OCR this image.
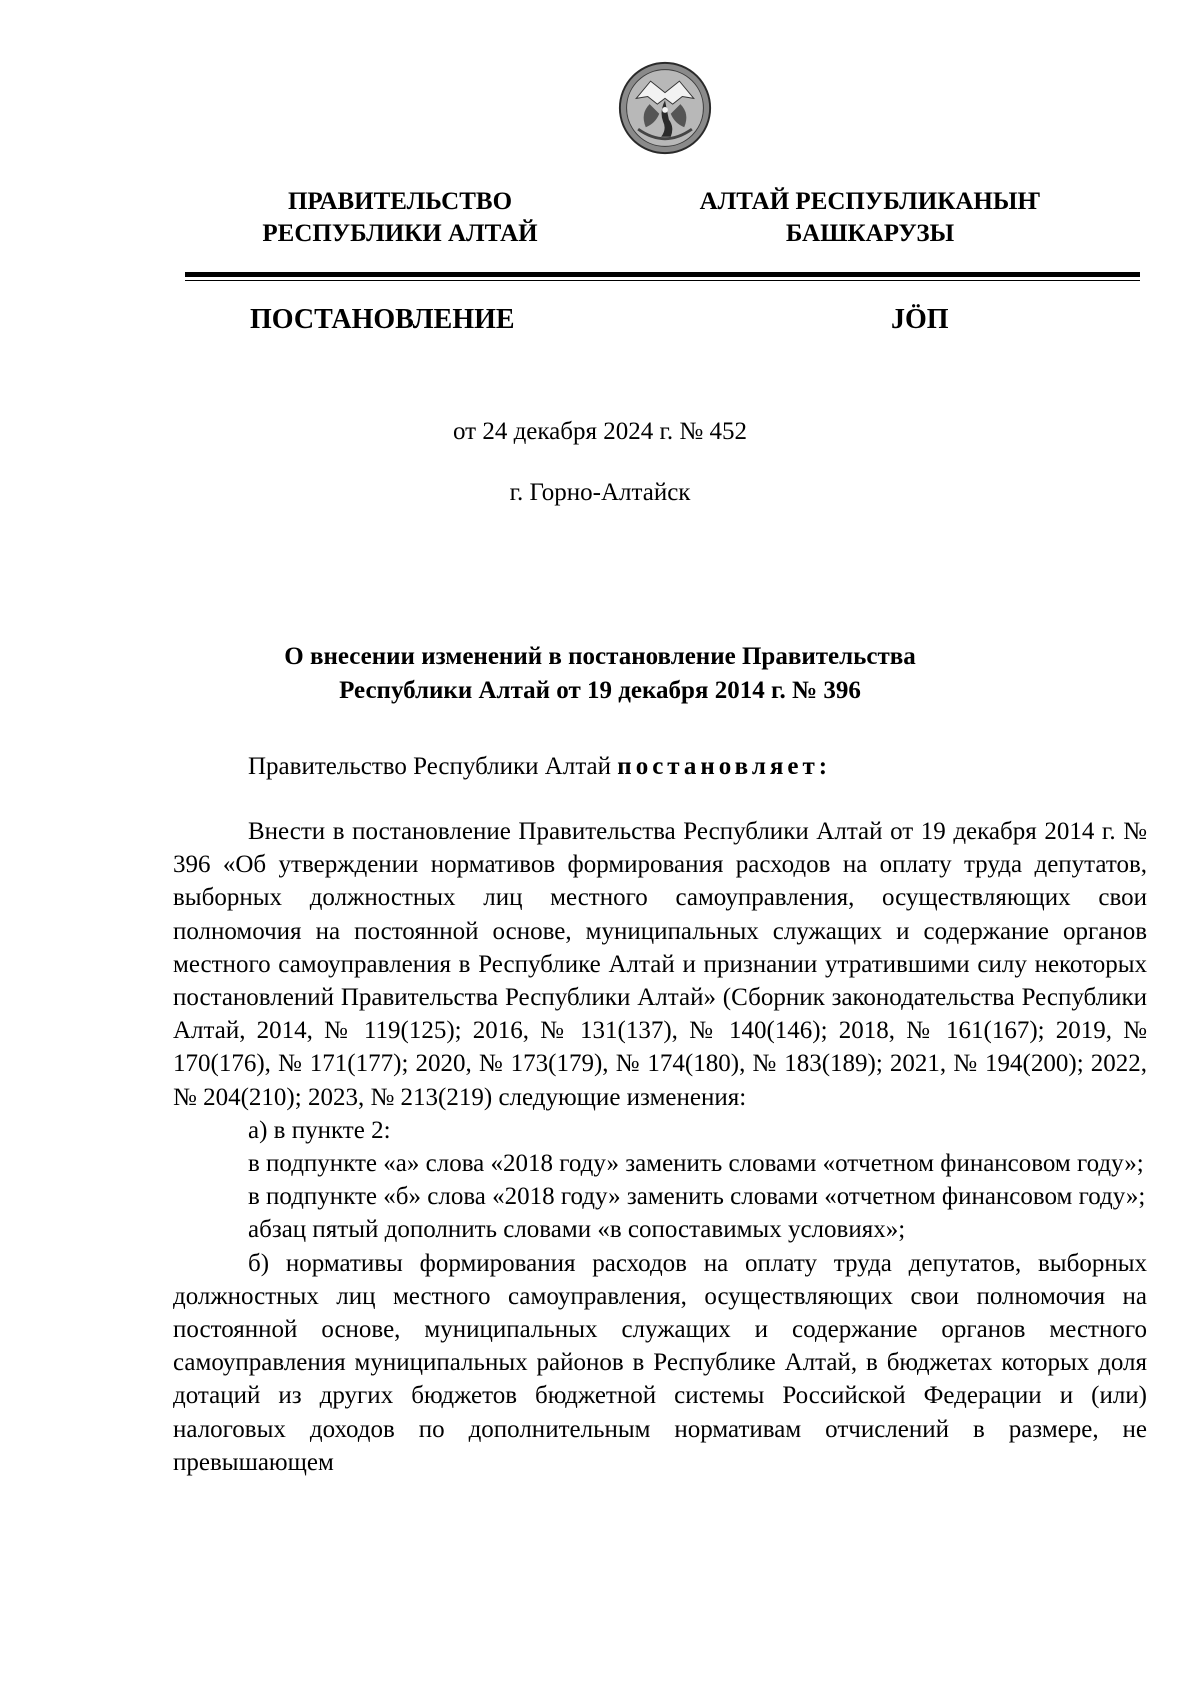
ПРАВИТЕЛЬСТВО
РЕСПУБЛИКИ АЛТАЙ
АЛТАЙ РЕСПУБЛИКАНЫҤ
БАШКАРУЗЫ
ПОСТАНОВЛЕНИЕ	JӦП
от 24 декабря 2024 г. № 452
г. Горно-Алтайск
О внесении изменений в постановление Правительства
Республики Алтай от 19 декабря 2014 г. № 396
Правительство Республики Алтай постановляет:

Внести в постановление Правительства Республики Алтай от 19 декабря 2014 г. № 396 «Об утверждении нормативов формирования расходов на оплату труда депутатов, выборных должностных лиц местного самоуправления, осуществляющих свои полномочия на постоянной основе, муниципальных служащих и содержание органов местного самоуправления в Республике Алтай и признании утратившими силу некоторых постановлений Правительства Республики Алтай» (Сборник законодательства Республики Алтай, 2014, № 119(125); 2016, № 131(137), № 140(146); 2018, № 161(167); 2019, № 170(176), № 171(177); 2020, № 173(179), № 174(180), № 183(189); 2021, № 194(200); 2022, № 204(210); 2023, № 213(219) следующие изменения:

а) в пункте 2:

в подпункте «а» слова «2018 году» заменить словами «отчетном финансовом году»;

в подпункте «б» слова «2018 году» заменить словами «отчетном финансовом году»;

абзац пятый дополнить словами «в сопоставимых условиях»;

б) нормативы формирования расходов на оплату труда депутатов, выборных должностных лиц местного самоуправления, осуществляющих свои полномочия на постоянной основе, муниципальных служащих и содержание органов местного самоуправления муниципальных районов в Республике Алтай, в бюджетах которых доля дотаций из других бюджетов бюджетной системы Российской Федерации и (или) налоговых доходов по дополнительным нормативам отчислений в размере, не превышающем
